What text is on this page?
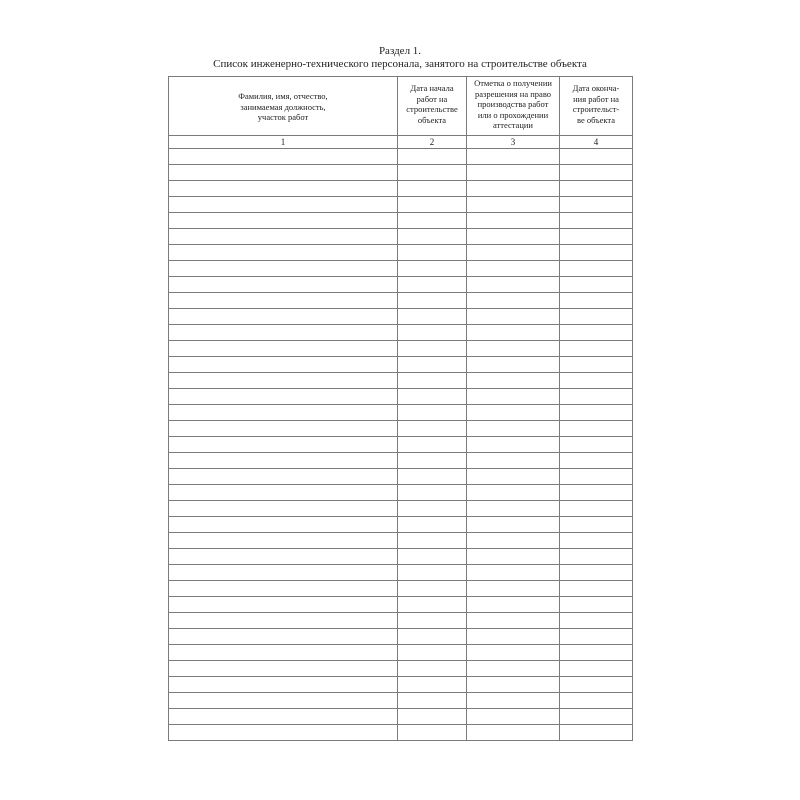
Раздел 1.
Список инженерно-технического персонала, занятого на строительстве объекта
Фамилия, имя, отчество,
занимаемая должность,
участок работ	Дата начала
работ на
строительстве
объекта	Отметка о получении
разрешения на право
производства работ
или о прохождении
аттестации	Дата оконча-
ния работ на
строительст-
ве объекта

1	2	3	4
